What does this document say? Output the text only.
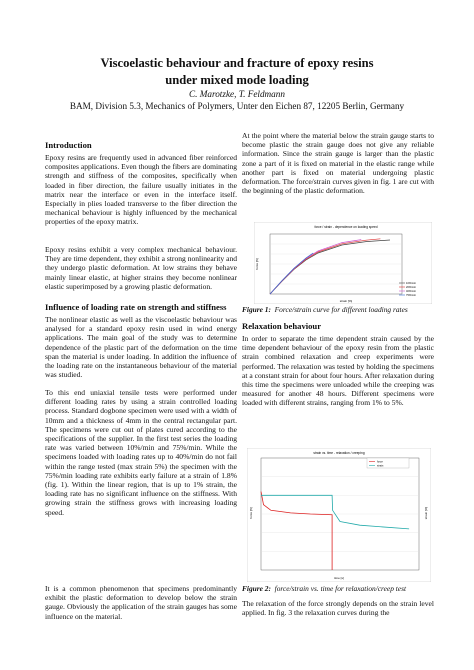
Viscoelastic behaviour and fracture of epoxy resins
under mixed mode loading
C. Marotzke, T. Feldmann
BAM, Division 5.3, Mechanics of Polymers, Unter den Eichen 87, 12205 Berlin, Germany
Introduction

Epoxy resins are frequently used in advanced fiber reinforced composites applications. Even though the fibers are dominating strength and stiffness of the composites, specifically when loaded in fiber direction, the failure usually initiates in the matrix near the interface or even in the interface itself. Especially in plies loaded transverse to the fiber direction the mechanical behaviour is highly influenced by the mechanical properties of the epoxy matrix.

Epoxy resins exhibit a very complex mechanical behaviour. They are time dependent, they exhibit a strong nonlinearity and they undergo plastic deformation. At low strains they behave mainly linear elastic, at higher strains they become nonlinear elastic superimposed by a growing plastic deformation.

Influence of loading rate on strength and stiffness

The nonlinear elastic as well as the viscoelastic behaviour was analysed for a standard epoxy resin used in wind energy applications. The main goal of the study was to determine dependence of the plastic part of the deformation on the time span the material is under loading. In addition the influence of the loading rate on the instantaneous behaviour of the material was studied.

To this end uniaxial tensile tests were performed under different loading rates by using a strain controlled loading process. Standard dogbone specimen were used with a width of 10mm and a thickness of 4mm in the central rectangular part. The specimens were cut out of plates cured according to the specifications of the supplier. In the first test series the loading rate was varied between 10%/min and 75%/min. While the specimens loaded with loading rates up to 40%/min do not fail within the range tested (max strain 5%) the specimen with the 75%/min loading rate exhibits early failure at a strain of 1.8% (fig. 1). Within the linear region, that is up to 1% strain, the loading rate has no significant influence on the stiffness. With growing strain the stiffness grows with increasing loading speed.

It is a common phenomenon that specimens predominantly exhibit the plastic deformation to develop below the strain gauge. Obviously the application of the strain gauges has some influence on the material.

At the point where the material below the strain gauge starts to become plastic the strain gauge does not give any reliable information. Since the strain gauge is larger than the plastic zone a part of it is fixed on material in the elastic range while another part is fixed on material undergoing plastic deformation. The force/strain curves given in fig. 1 are cut with the beginning of the plastic deformation.

force / strain - dependence on loading speed
force [N]
strain [%]
10%/min
20%/min
40%/min
75%/min
Figure 1: Force/strain curve for different loading rates
Relaxation behaviour

In order to separate the time dependent strain caused by the time dependent behaviour of the epoxy resin from the plastic strain combined relaxation and creep experiments were performed. The relaxation was tested by holding the specimens at a constant strain for about four hours. After relaxation during this time the specimens were unloaded while the creeping was measured for another 48 hours. Different specimens were loaded with different strains, ranging from 1% to 5%.

strain vs. time - relaxation / creeping
force [N]	strain [%]
time [s]
force
strain
Figure 2: force/strain vs. time for relaxation/creep test

The relaxation of the force strongly depends on the strain level applied. In fig. 3 the relaxation curves during the
